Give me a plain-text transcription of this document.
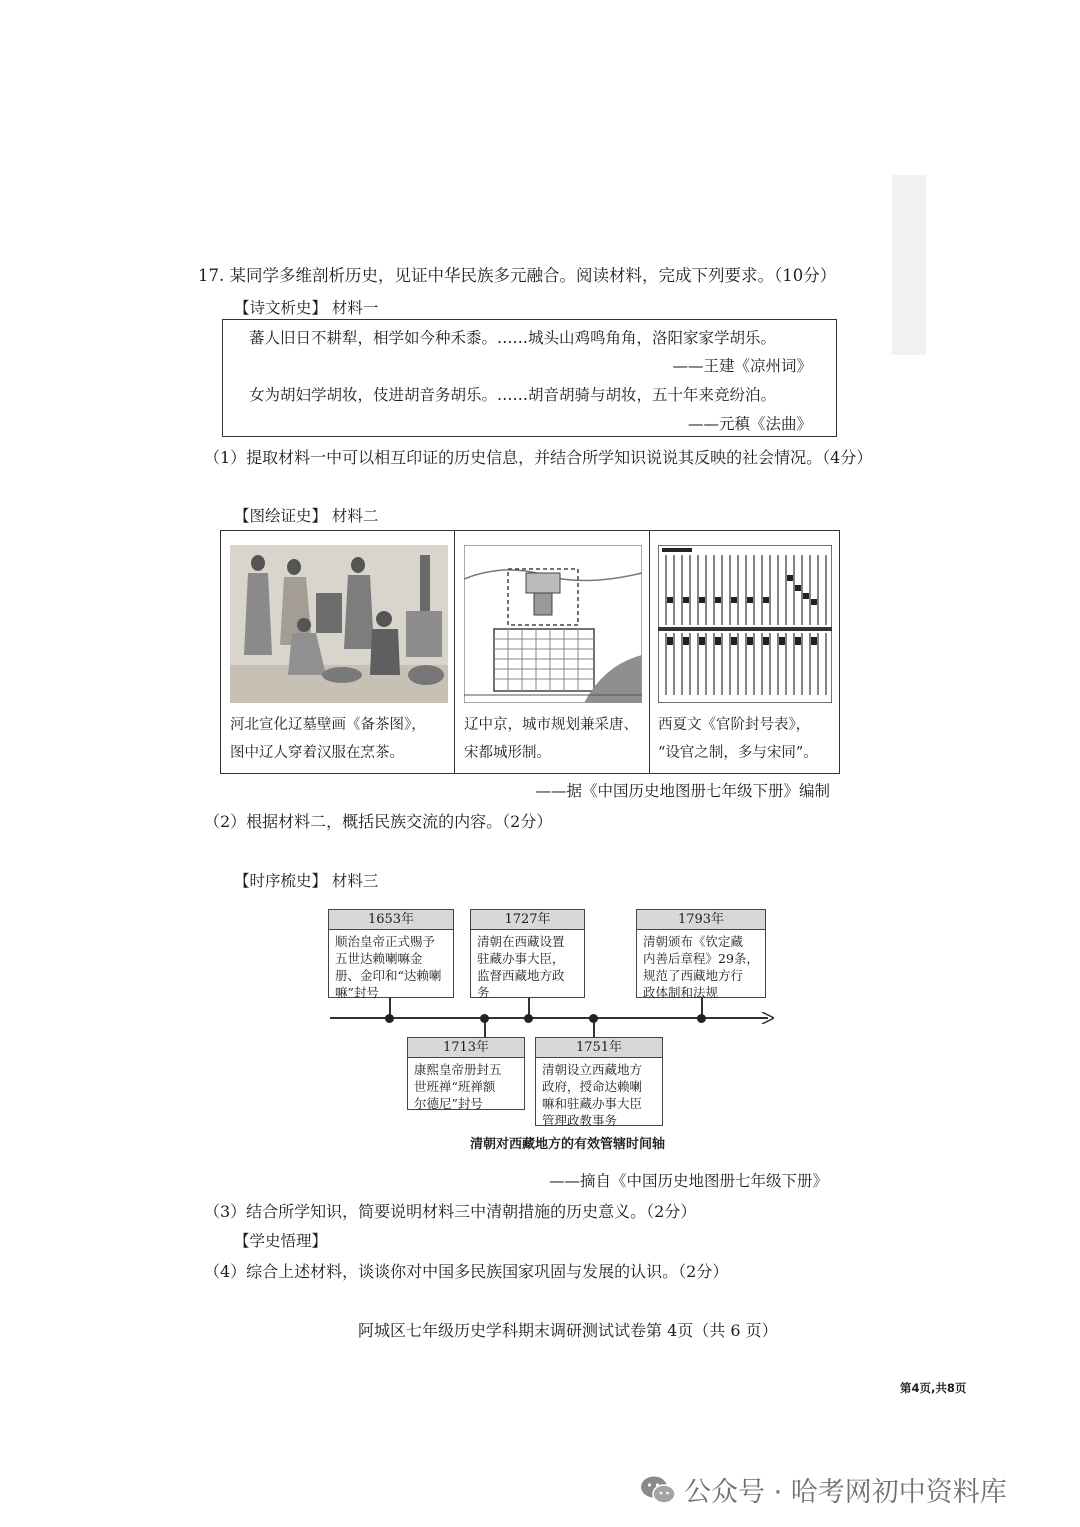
17. 某同学多维剖析历史，见证中华民族多元融合。阅读材料，完成下列要求。（10分）
【诗文析史】 材料一
蕃人旧日不耕犁，相学如今种禾黍。……城头山鸡鸣角角，洛阳家家学胡乐。
——王建《凉州词》
女为胡妇学胡妆，伎进胡音务胡乐。……胡音胡骑与胡妆，五十年来竞纷泊。
——元稹《法曲》
（1）提取材料一中可以相互印证的历史信息，并结合所学知识说说其反映的社会情况。（4分）
【图绘证史】 材料二
河北宣化辽墓壁画《备茶图》，
图中辽人穿着汉服在烹茶。
辽中京，城市规划兼采唐、
宋都城形制。
西夏文《官阶封号表》，
“设官之制，多与宋同”。
——据《中国历史地图册七年级下册》编制
（2）根据材料二，概括民族交流的内容。（2分）
【时序梳史】 材料三
1653年
顺治皇帝正式赐予
五世达赖喇嘛金
册、金印和“达赖喇
嘛”封号
1727年
清朝在西藏设置
驻藏办事大臣，
监督西藏地方政
务
1793年
清朝颁布《钦定藏
内善后章程》29条，
规范了西藏地方行
政体制和法规
1713年
康熙皇帝册封五
世班禅“班禅额
尔德尼”封号
1751年
清朝设立西藏地方
政府，授命达赖喇
嘛和驻藏办事大臣
管理政教事务
清朝对西藏地方的有效管辖时间轴
——摘自《中国历史地图册七年级下册》
（3）结合所学知识，简要说明材料三中清朝措施的历史意义。（2分）
【学史悟理】
（4）综合上述材料，谈谈你对中国多民族国家巩固与发展的认识。（2分）
阿城区七年级历史学科期末调研测试试卷第 4页（共 6 页）
第4页,共8页
公众号 · 哈考网初中资料库
